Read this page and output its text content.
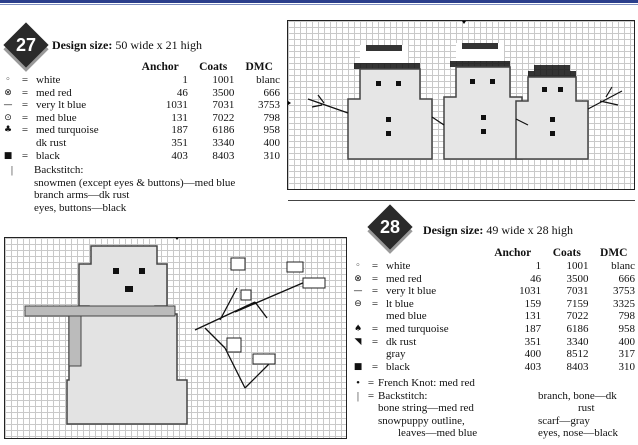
27	Design size: 50 wide x 21 high
			Anchor	Coats	DMC
◦	=	white	1	1001	blanc
⊗	=	med red	46	3500	666
—	=	very lt blue	1031	7031	3753
⊙	=	med blue	131	7022	798
♣	=	med turquoise	187	6186	958
		dk rust	351	3340	400
■	=	black	403	8403	310
| Backstitch:
snowmen (except eyes & buttons)—med blue
branch arms—dk rust
eyes, buttons—black
28	Design size: 49 wide x 28 high
			Anchor	Coats	DMC
◦	=	white	1	1001	blanc
⊗	=	med red	46	3500	666
—	=	very lt blue	1031	7031	3753
⊖	=	lt blue	159	7159	3325
		med blue	131	7022	798
♠	=	med turquoise	187	6186	958
◥	=	dk rust	351	3340	400
		gray	400	8512	317
■	=	black	403	8403	310
• = French Knot: med red
| = Backstitch:
bone string—med red
snowpuppy outline,
leaves—med blue
branch, bone—dk
rust
scarf—gray
eyes, nose—black
